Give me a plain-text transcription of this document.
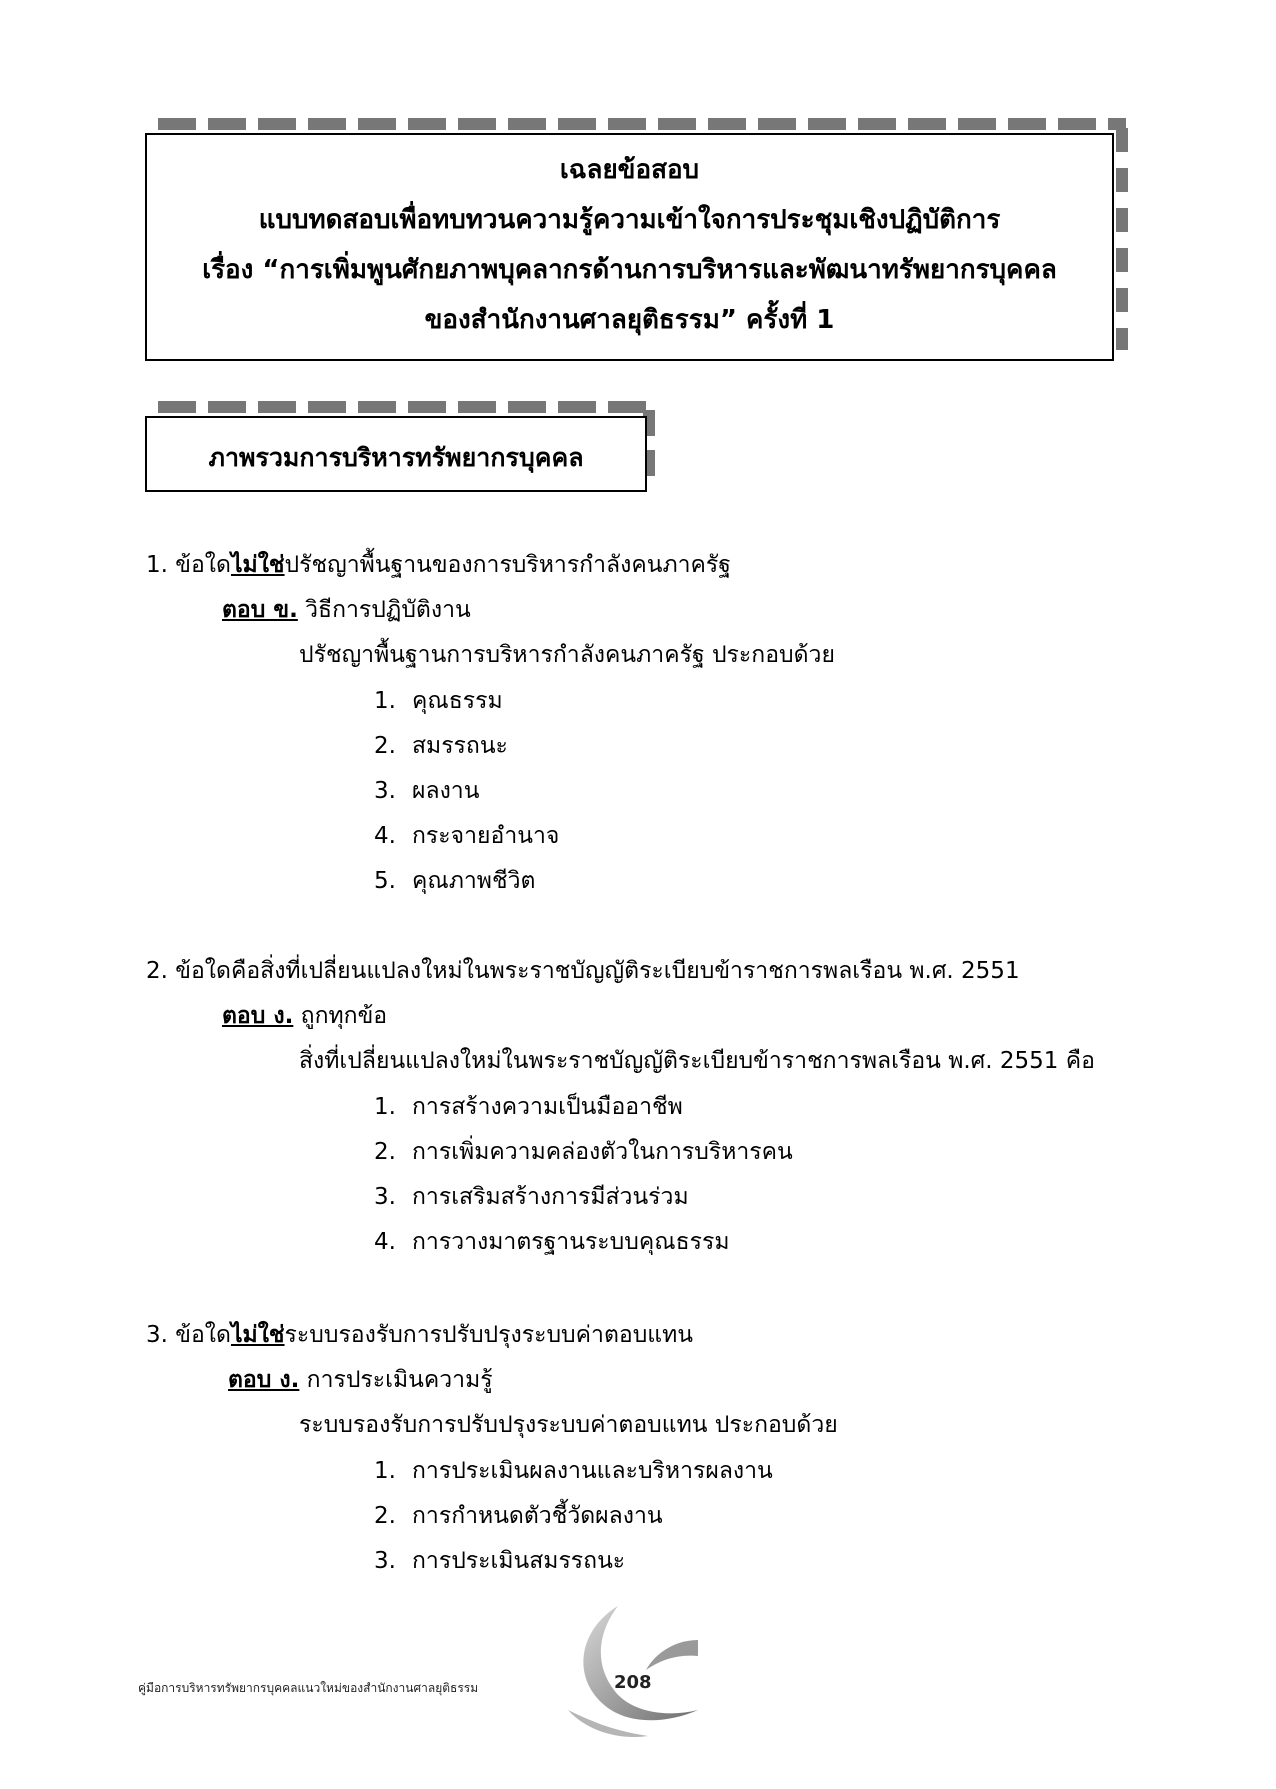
เฉลยข้อสอบ
แบบทดสอบเพื่อทบทวนความรู้ความเข้าใจการประชุมเชิงปฏิบัติการ
เรื่อง “การเพิ่มพูนศักยภาพบุคลากรด้านการบริหารและพัฒนาทรัพยากรบุคคล
ของสำนักงานศาลยุติธรรม” ครั้งที่ 1
ภาพรวมการบริหารทรัพยากรบุคคล
1. ข้อใดไม่ใช่ปรัชญาพื้นฐานของการบริหารกำลังคนภาครัฐ
ตอบ ข. วิธีการปฏิบัติงาน
ปรัชญาพื้นฐานการบริหารกำลังคนภาครัฐ ประกอบด้วย
1. คุณธรรม
2. สมรรถนะ
3. ผลงาน
4. กระจายอำนาจ
5. คุณภาพชีวิต
2. ข้อใดคือสิ่งที่เปลี่ยนแปลงใหม่ในพระราชบัญญัติระเบียบข้าราชการพลเรือน พ.ศ. 2551
ตอบ ง. ถูกทุกข้อ
สิ่งที่เปลี่ยนแปลงใหม่ในพระราชบัญญัติระเบียบข้าราชการพลเรือน พ.ศ. 2551 คือ
1. การสร้างความเป็นมืออาชีพ
2. การเพิ่มความคล่องตัวในการบริหารคน
3. การเสริมสร้างการมีส่วนร่วม
4. การวางมาตรฐานระบบคุณธรรม
3. ข้อใดไม่ใช่ระบบรองรับการปรับปรุงระบบค่าตอบแทน
ตอบ ง. การประเมินความรู้
ระบบรองรับการปรับปรุงระบบค่าตอบแทน ประกอบด้วย
1. การประเมินผลงานและบริหารผลงาน
2. การกำหนดตัวชี้วัดผลงาน
3. การประเมินสมรรถนะ
คู่มือการบริหารทรัพยากรบุคคลแนวใหม่ของสำนักงานศาลยุติธรรม	208
